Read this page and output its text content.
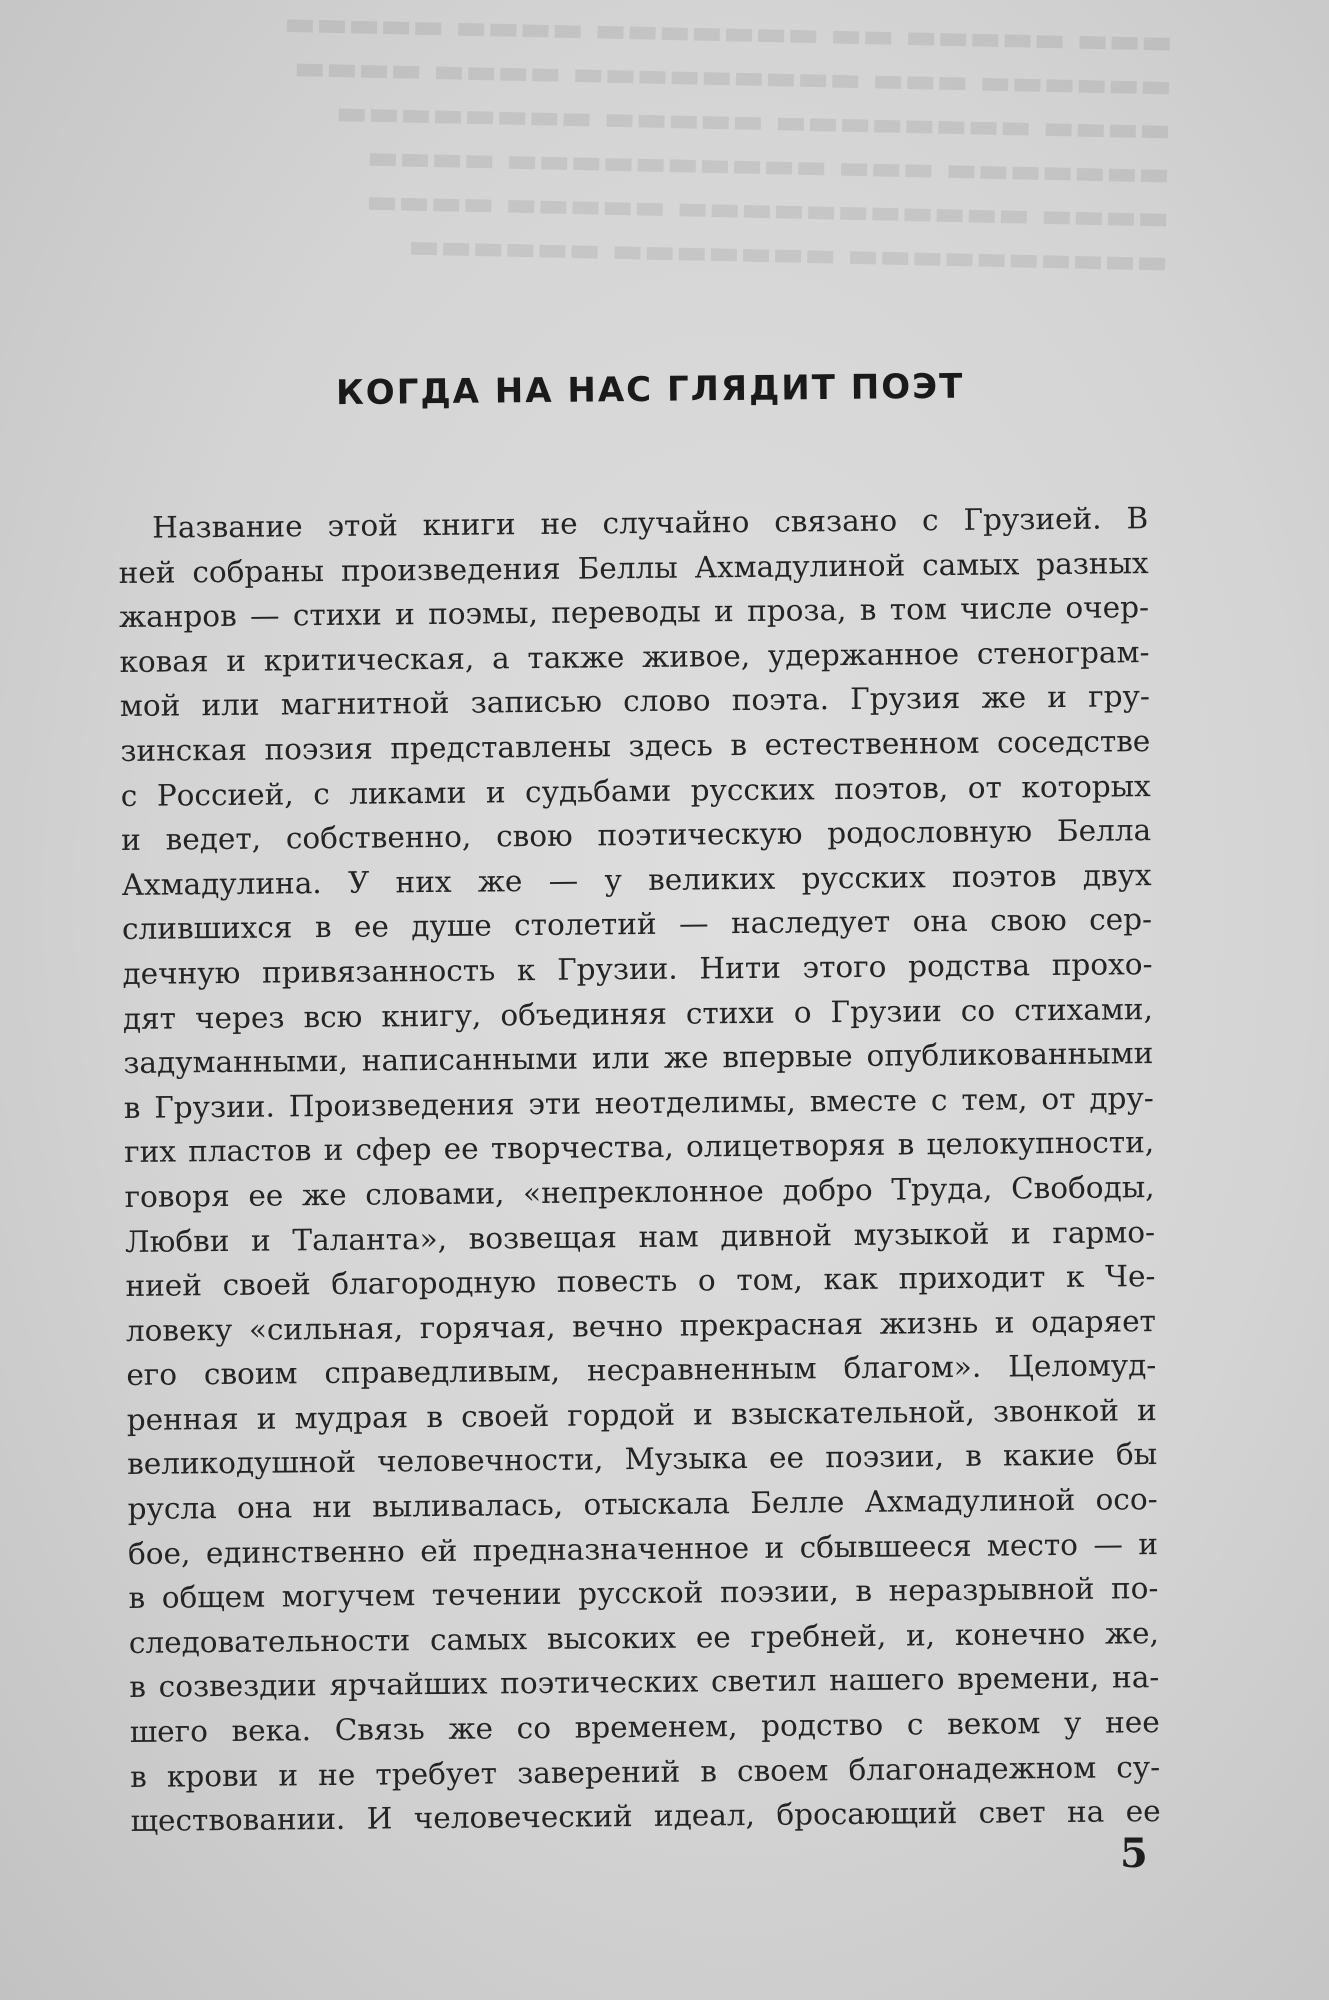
▬▬▬ ▬▬▬▬▬ ▬▬ ▬▬▬▬▬▬▬ ▬▬▬▬ ▬▬▬▬▬
▬▬▬▬▬▬ ▬▬▬ ▬▬▬▬▬▬▬▬▬ ▬▬▬▬ ▬▬▬▬
▬▬▬▬ ▬▬▬▬▬▬▬▬ ▬▬▬▬▬ ▬▬▬▬▬▬▬▬
▬▬▬▬▬▬▬ ▬▬▬ ▬▬▬▬▬▬▬▬▬▬ ▬▬▬▬
▬▬▬▬ ▬▬▬▬▬▬▬▬▬▬▬ ▬▬▬▬▬ ▬▬▬▬
▬▬▬▬▬▬▬▬▬▬ ▬▬▬▬▬▬▬ ▬▬▬▬▬▬
КОГДА НА НАС ГЛЯДИТ ПОЭТ
Название этой книги не случайно связано с Грузией. В
ней собраны произведения Беллы Ахмадулиной самых разных
жанров — стихи и поэмы, переводы и проза, в том числе очер-
ковая и критическая, а также живое, удержанное стенограм-
мой или магнитной записью слово поэта. Грузия же и гру-
зинская поэзия представлены здесь в естественном соседстве
с Россией, с ликами и судьбами русских поэтов, от которых
и ведет, собственно, свою поэтическую родословную Белла
Ахмадулина. У них же — у великих русских поэтов двух
слившихся в ее душе столетий — наследует она свою сер-
дечную привязанность к Грузии. Нити этого родства прохо-
дят через всю книгу, объединяя стихи о Грузии со стихами,
задуманными, написанными или же впервые опубликованными
в Грузии. Произведения эти неотделимы, вместе с тем, от дру-
гих пластов и сфер ее творчества, олицетворяя в целокупности,
говоря ее же словами, «непреклонное добро Труда, Свободы,
Любви и Таланта», возвещая нам дивной музыкой и гармо-
нией своей благородную повесть о том, как приходит к Че-
ловеку «сильная, горячая, вечно прекрасная жизнь и одаряет
его своим справедливым, несравненным благом». Целомуд-
ренная и мудрая в своей гордой и взыскательной, звонкой и
великодушной человечности, Музыка ее поэзии, в какие бы
русла она ни выливалась, отыскала Белле Ахмадулиной осо-
бое, единственно ей предназначенное и сбывшееся место — и
в общем могучем течении русской поэзии, в неразрывной по-
следовательности самых высоких ее гребней, и, конечно же,
в созвездии ярчайших поэтических светил нашего времени, на-
шего века. Связь же со временем, родство с веком у нее
в крови и не требует заверений в своем благонадежном су-
ществовании. И человеческий идеал, бросающий свет на ее
5
